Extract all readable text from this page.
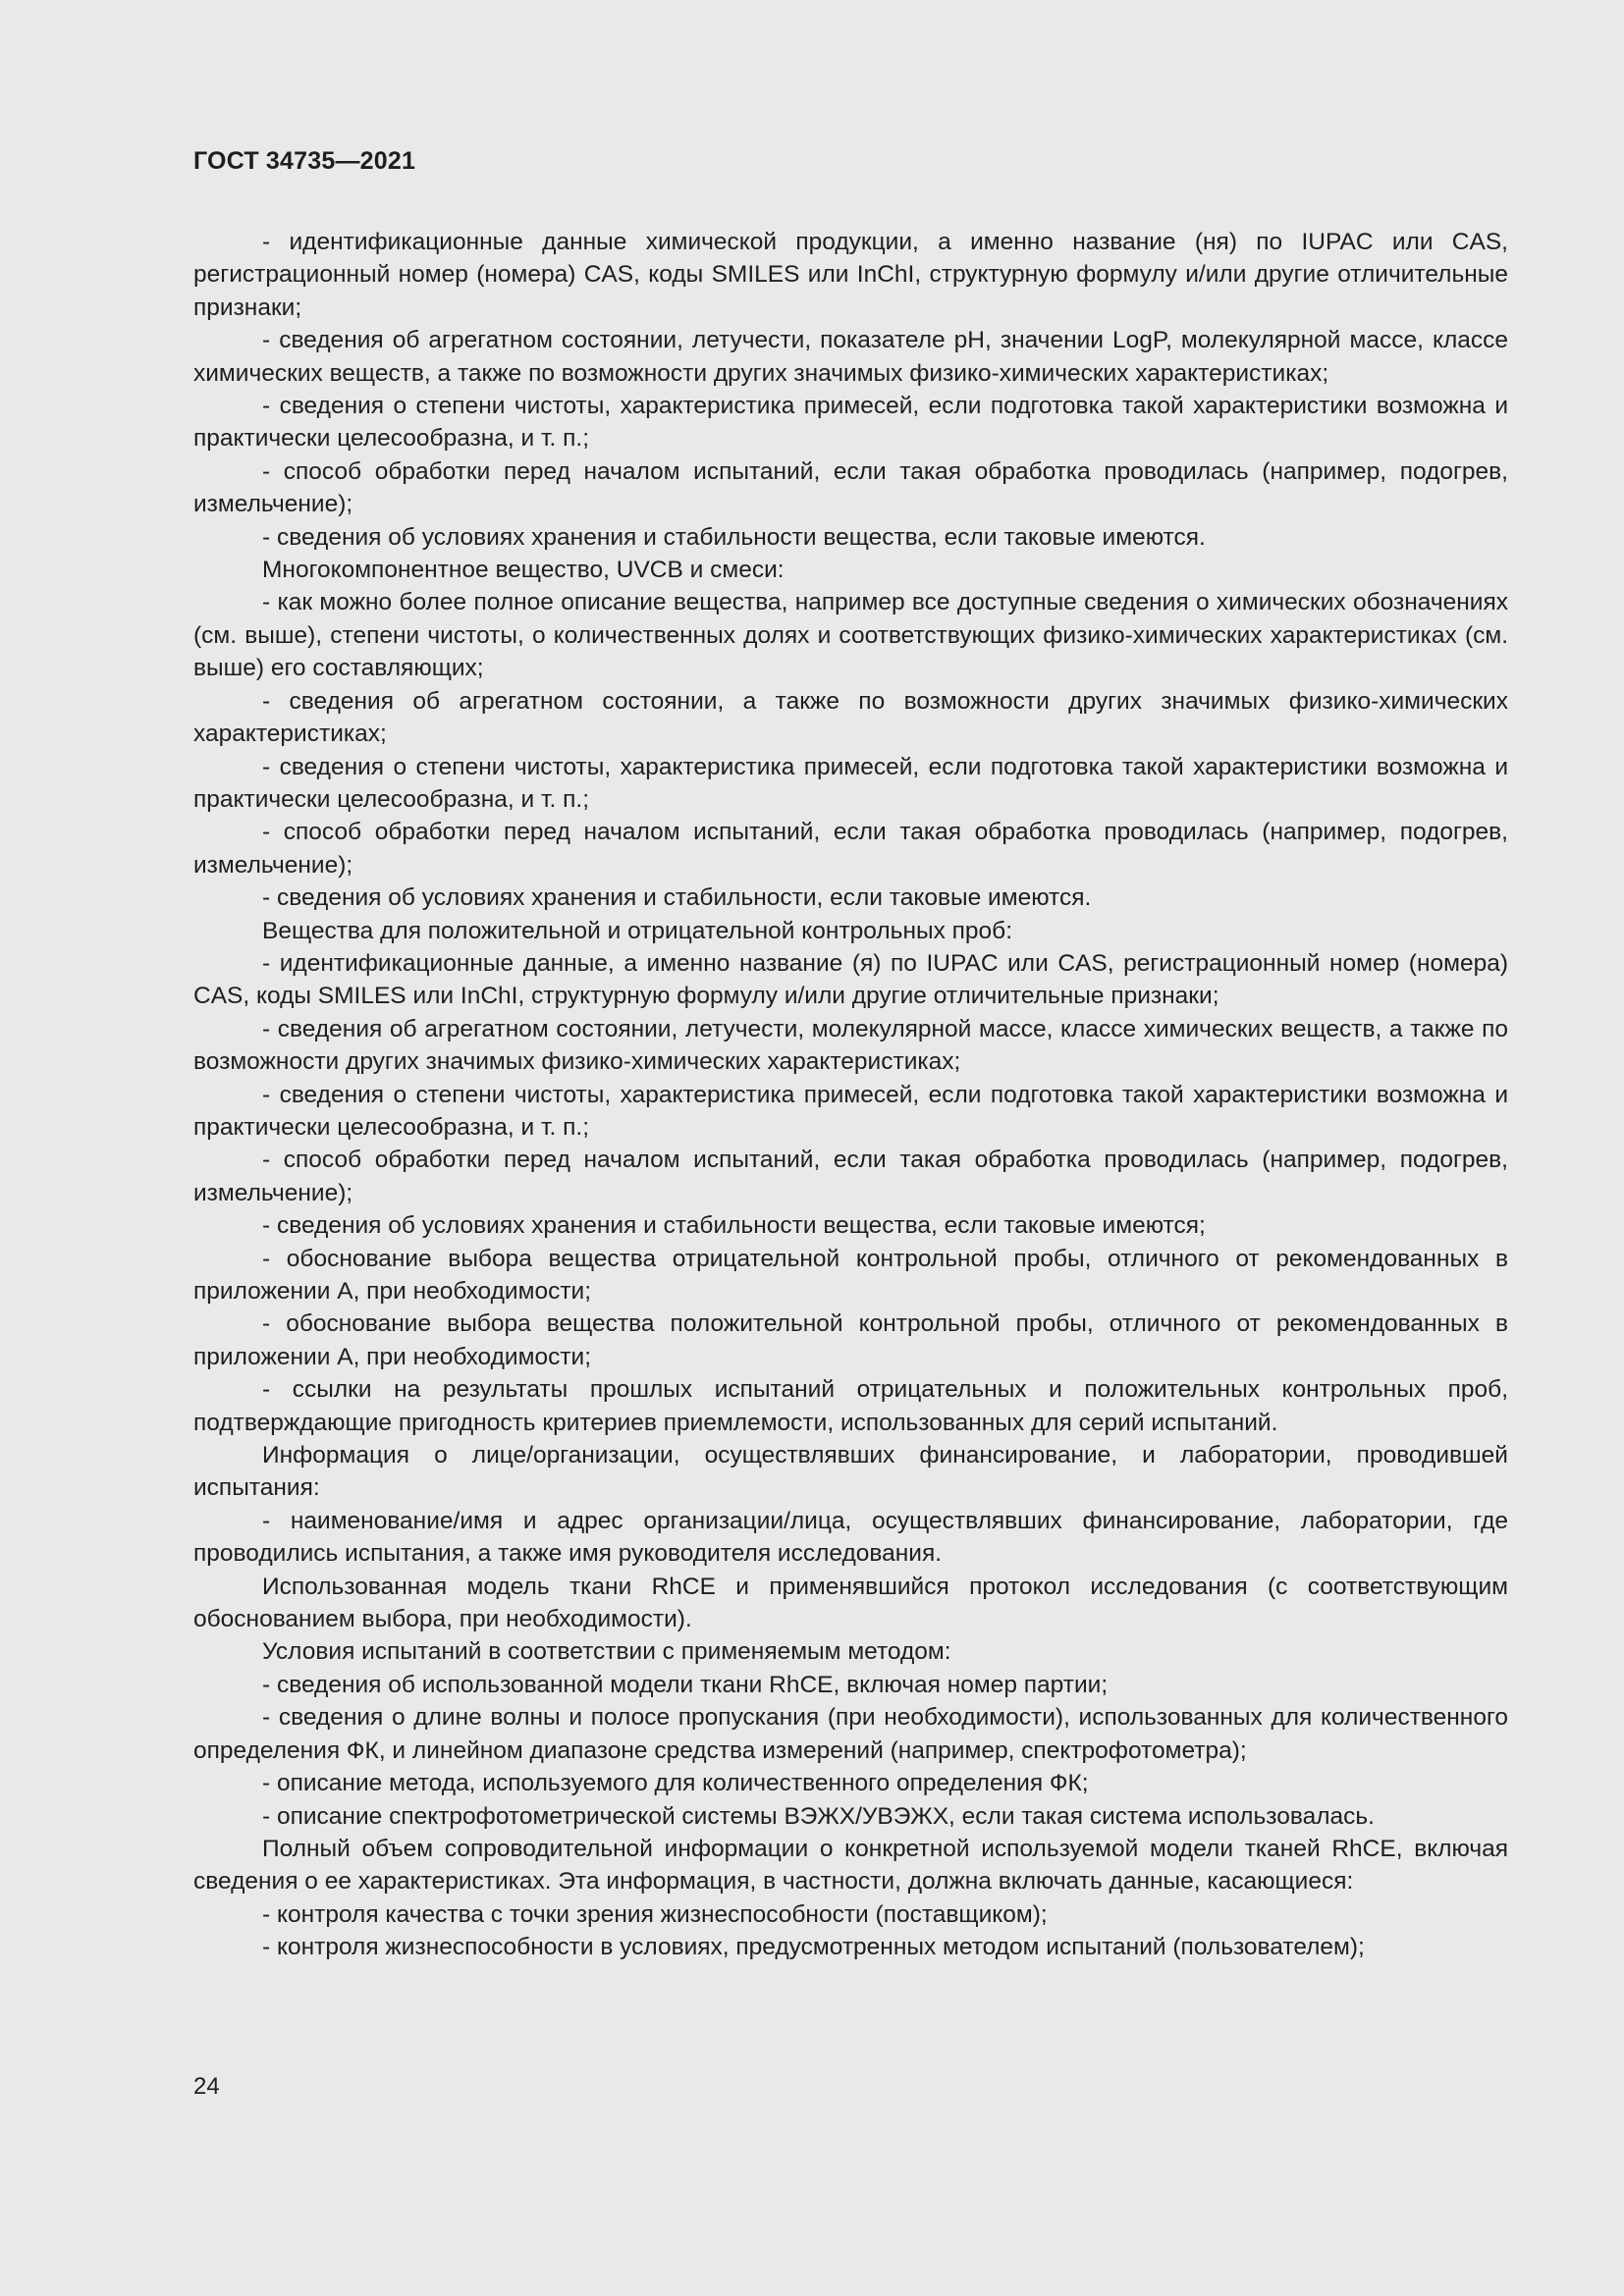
ГОСТ 34735—2021

- идентификационные данные химической продукции, а именно название (ня) по IUPAC или CAS, регистрационный номер (номера) CAS, коды SMILES или InChI, структурную формулу и/или другие отличительные признаки;

- сведения об агрегатном состоянии, летучести, показателе pH, значении LogP, молекулярной массе, классе химических веществ, а также по возможности других значимых физико-химических характеристиках;

- сведения о степени чистоты, характеристика примесей, если подготовка такой характеристики возможна и практически целесообразна, и т. п.;

- способ обработки перед началом испытаний, если такая обработка проводилась (например, подогрев, измельчение);

- сведения об условиях хранения и стабильности вещества, если таковые имеются.

Многокомпонентное вещество, UVCB и смеси:

- как можно более полное описание вещества, например все доступные сведения о химических обозначениях (см. выше), степени чистоты, о количественных долях и соответствующих физико-химических характеристиках (см. выше) его составляющих;

- сведения об агрегатном состоянии, а также по возможности других значимых физико-химических характеристиках;

- сведения о степени чистоты, характеристика примесей, если подготовка такой характеристики возможна и практически целесообразна, и т. п.;

- способ обработки перед началом испытаний, если такая обработка проводилась (например, подогрев, измельчение);

- сведения об условиях хранения и стабильности, если таковые имеются.

Вещества для положительной и отрицательной контрольных проб:

- идентификационные данные, а именно название (я) по IUPAC или CAS, регистрационный номер (номера) CAS, коды SMILES или InChI, структурную формулу и/или другие отличительные признаки;

- сведения об агрегатном состоянии, летучести, молекулярной массе, классе химических веществ, а также по возможности других значимых физико-химических характеристиках;

- сведения о степени чистоты, характеристика примесей, если подготовка такой характеристики возможна и практически целесообразна, и т. п.;

- способ обработки перед началом испытаний, если такая обработка проводилась (например, подогрев, измельчение);

- сведения об условиях хранения и стабильности вещества, если таковые имеются;

- обоснование выбора вещества отрицательной контрольной пробы, отличного от рекомендованных в приложении А, при необходимости;

- обоснование выбора вещества положительной контрольной пробы, отличного от рекомендованных в приложении А, при необходимости;

- ссылки на результаты прошлых испытаний отрицательных и положительных контрольных проб, подтверждающие пригодность критериев приемлемости, использованных для серий испытаний.

Информация о лице/организации, осуществлявших финансирование, и лаборатории, проводившей испытания:

- наименование/имя и адрес организации/лица, осуществлявших финансирование, лаборатории, где проводились испытания, а также имя руководителя исследования.

Использованная модель ткани RhCE и применявшийся протокол исследования (с соответствующим обоснованием выбора, при необходимости).

Условия испытаний в соответствии с применяемым методом:

- сведения об использованной модели ткани RhCE, включая номер партии;

- сведения о длине волны и полосе пропускания (при необходимости), использованных для количественного определения ФК, и линейном диапазоне средства измерений (например, спектрофотометра);

- описание метода, используемого для количественного определения ФК;

- описание спектрофотометрической системы ВЭЖХ/УВЭЖХ, если такая система использовалась.

Полный объем сопроводительной информации о конкретной используемой модели тканей RhCE, включая сведения о ее характеристиках. Эта информация, в частности, должна включать данные, касающиеся:

- контроля качества с точки зрения жизнеспособности (поставщиком);

- контроля жизнеспособности в условиях, предусмотренных методом испытаний (пользователем);

24
